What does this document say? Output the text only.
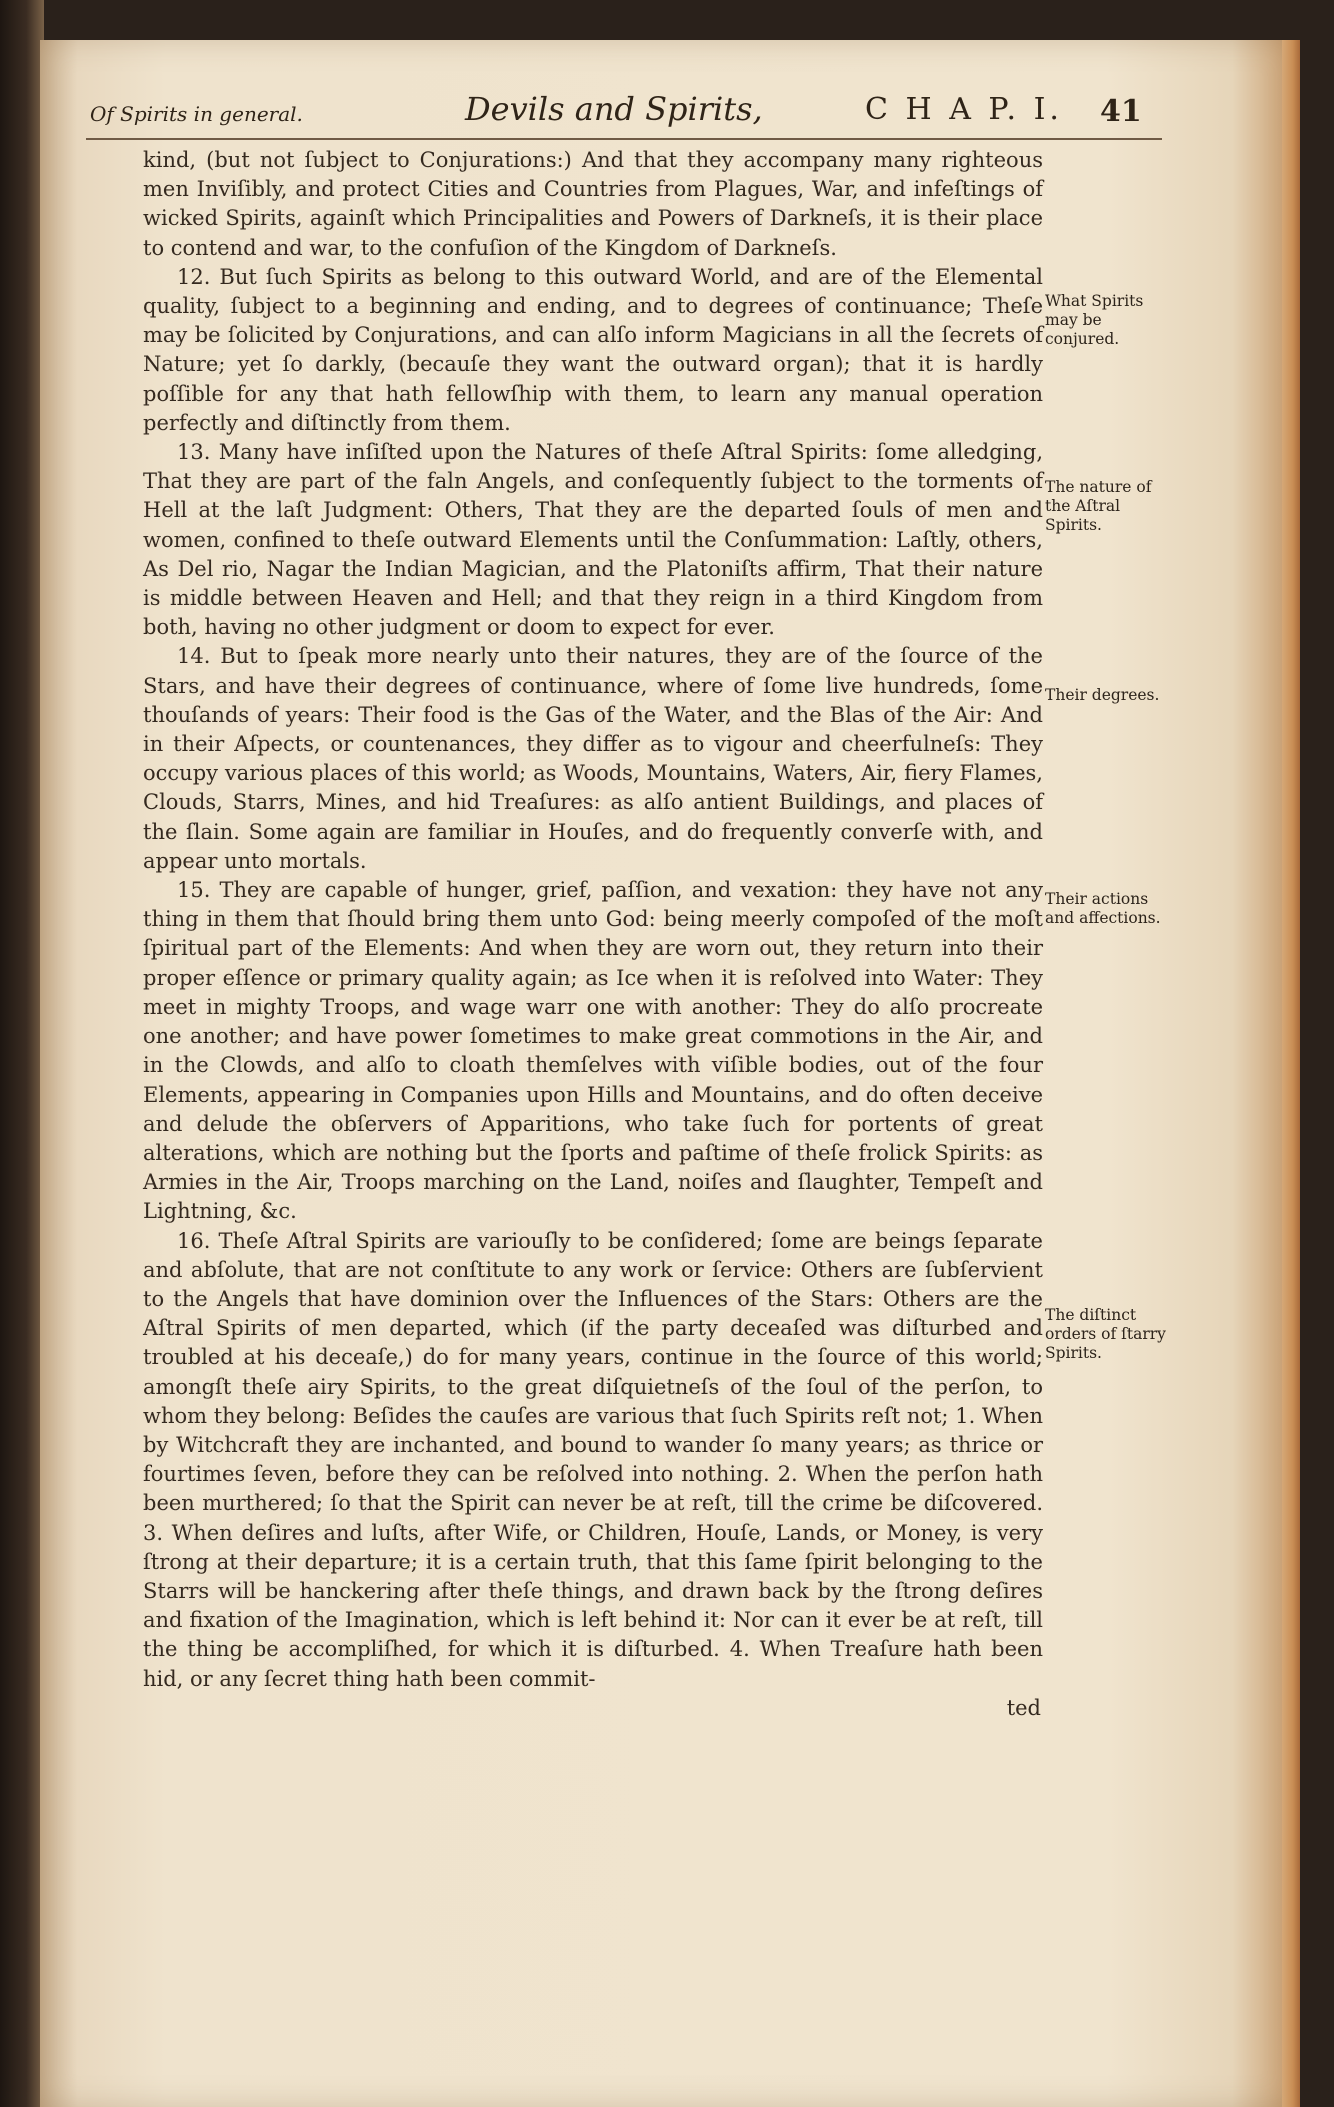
Of Spirits in general.	Devils and Spirits,	C H A P. I. 41

kind, (but not ſubject to Conjurations:) And that they accompany many righteous men Inviſibly, and protect Cities and Countries from Plagues, War, and infeſtings of wicked Spirits, againſt which Principalities and Powers of Darkneſs, it is their place to contend and war, to the confuſion of the Kingdom of Darkneſs.

12. But ſuch Spirits as belong to this outward World, and are of the Elemental quality, ſubject to a beginning and ending, and to degrees of continuance; Theſe may be ſolicited by Conjurations, and can alſo inform Magicians in all the ſecrets of Nature; yet ſo darkly, (becauſe they want the outward organ); that it is hardly poſſible for any that hath fellowſhip with them, to learn any manual operation perfectly and diſtinctly from them.

13. Many have inſiſted upon the Natures of theſe Aſtral Spirits: ſome alledging, That they are part of the faln Angels, and conſequently ſubject to the torments of Hell at the laſt Judgment: Others, That they are the departed ſouls of men and women, confined to theſe outward Elements until the Conſummation: Laſtly, others, As Del rio, Nagar the Indian Magician, and the Platoniſts affirm, That their nature is middle between Heaven and Hell; and that they reign in a third Kingdom from both, having no other judgment or doom to expect for ever.

14. But to ſpeak more nearly unto their natures, they are of the ſource of the Stars, and have their degrees of continuance, where of ſome live hundreds, ſome thouſands of years: Their food is the Gas of the Water, and the Blas of the Air: And in their Aſpects, or countenances, they differ as to vigour and cheerfulneſs: They occupy various places of this world; as Woods, Mountains, Waters, Air, fiery Flames, Clouds, Starrs, Mines, and hid Treaſures: as alſo antient Buildings, and places of the ſlain. Some again are familiar in Houſes, and do frequently converſe with, and appear unto mortals.

15. They are capable of hunger, grief, paſſion, and vexation: they have not any thing in them that ſhould bring them unto God: being meerly compoſed of the moſt ſpiritual part of the Elements: And when they are worn out, they return into their proper eſſence or primary quality again; as Ice when it is reſolved into Water: They meet in mighty Troops, and wage warr one with another: They do alſo procreate one another; and have power ſometimes to make great commotions in the Air, and in the Clowds, and alſo to cloath themſelves with viſible bodies, out of the four Elements, appearing in Companies upon Hills and Mountains, and do often deceive and delude the obſervers of Apparitions, who take ſuch for portents of great alterations, which are nothing but the ſports and paſtime of theſe frolick Spirits: as Armies in the Air, Troops marching on the Land, noiſes and ſlaughter, Tempeſt and Lightning, &c.

16. Theſe Aſtral Spirits are variouſly to be conſidered; ſome are beings ſeparate and abſolute, that are not conſtitute to any work or ſervice: Others are ſubſervient to the Angels that have dominion over the Influences of the Stars: Others are the Aſtral Spirits of men departed, which (if the party deceaſed was diſturbed and troubled at his deceaſe,) do for many years, continue in the ſource of this world; amongſt theſe airy Spirits, to the great diſquietneſs of the ſoul of the perſon, to whom they belong: Beſides the cauſes are various that ſuch Spirits reſt not; 1. When by Witchcraft they are inchanted, and bound to wander ſo many years; as thrice or fourtimes ſeven, before they can be reſolved into nothing. 2. When the perſon hath been murthered; ſo that the Spirit can never be at reſt, till the crime be diſcovered. 3. When deſires and luſts, after Wife, or Children, Houſe, Lands, or Money, is very ſtrong at their departure; it is a certain truth, that this ſame ſpirit belonging to the Starrs will be hanckering after theſe things, and drawn back by the ſtrong deſires and fixation of the Imagination, which is left behind it: Nor can it ever be at reſt, till the thing be accompliſhed, for which it is diſturbed. 4. When Treaſure hath been hid, or any ſecret thing hath been commit-

ted

What Spirits may be conjured.
The nature of the Aſtral Spirits.
Their degrees.
Their actions and affections.
The diſtinct orders of ſtarry Spirits.
